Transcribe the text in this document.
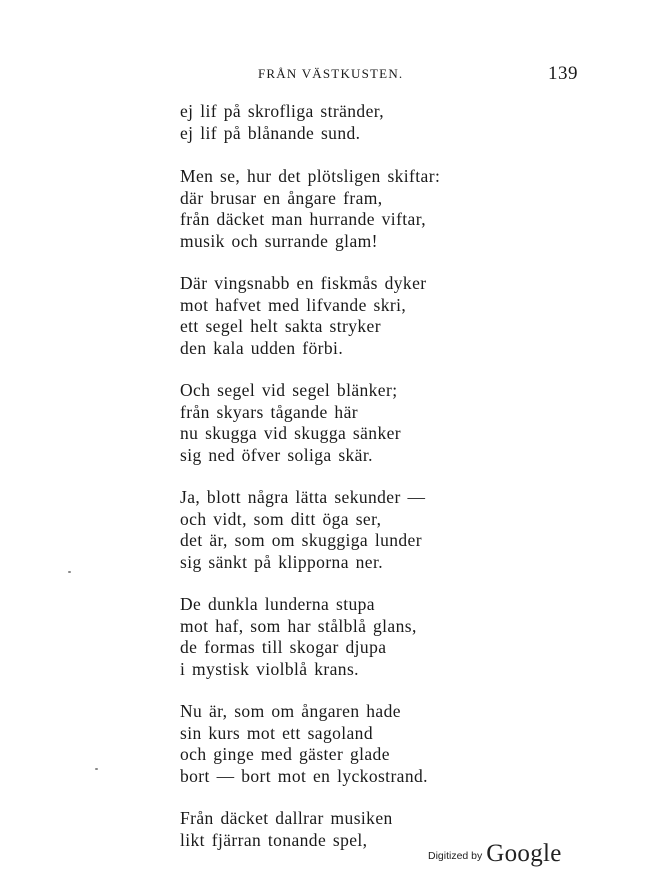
FRÅN VÄSTKUSTEN.	139
ej lif på skrofliga stränder,
ej lif på blånande sund.
Men se, hur det plötsligen skiftar:
där brusar en ångare fram,
från däcket man hurrande viftar,
musik och surrande glam!
Där vingsnabb en fiskmås dyker
mot hafvet med lifvande skri,
ett segel helt sakta stryker
den kala udden förbi.
Och segel vid segel blänker;
från skyars tågande här
nu skugga vid skugga sänker
sig ned öfver soliga skär.
Ja, blott några lätta sekunder —
och vidt, som ditt öga ser,
det är, som om skuggiga lunder
sig sänkt på klipporna ner.
De dunkla lunderna stupa
mot haf, som har stålblå glans,
de formas till skogar djupa
i mystisk violblå krans.
Nu är, som om ångaren hade
sin kurs mot ett sagoland
och ginge med gäster glade
bort — bort mot en lyckostrand.
Från däcket dallrar musiken
likt fjärran tonande spel,
Digitized by Google
